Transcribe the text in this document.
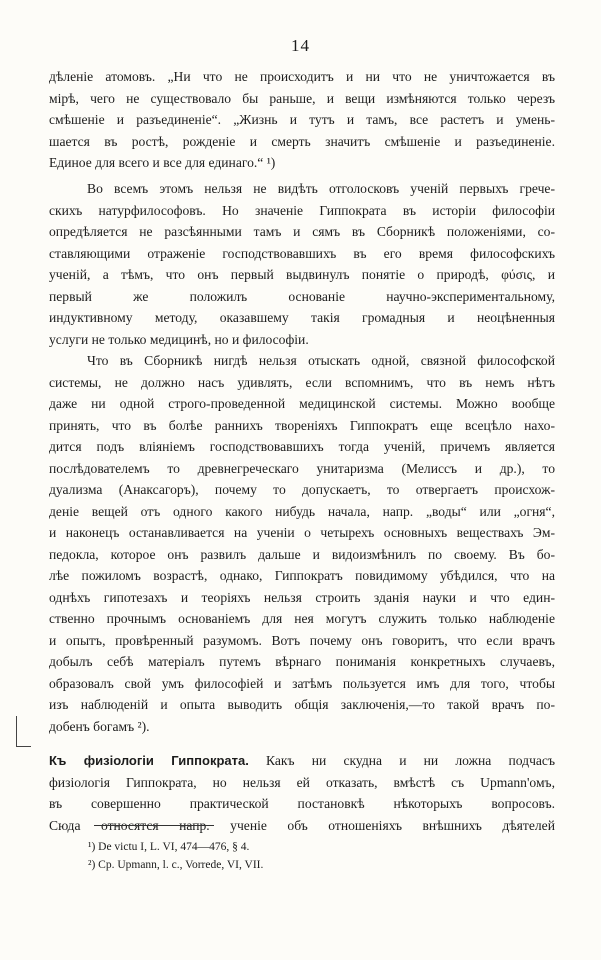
14
дѣленіе атомовъ. „Ни что не происходитъ и ни что не уничтожается въ
мірѣ, чего не существовало бы раньше, и вещи измѣняются только черезъ
смѣшеніе и разъединеніе“. „Жизнь и тутъ и тамъ, все растетъ и умень-
шается въ ростѣ, рожденіе и смерть значитъ смѣшеніе и разъединеніе.
Единое для всего и все для единаго.“ ¹)
Во всемъ этомъ нельзя не видѣть отголосковъ ученій первыхъ грече-
скихъ натурфилософовъ. Но значеніе Гиппократа въ исторіи философіи
опредѣляется не разсѣянными тамъ и сямъ въ Сборникѣ положеніями, со-
ставляющими отраженіе господствовавшихъ въ его время философскихъ
ученій, а тѣмъ, что онъ первый выдвинулъ понятіе о природѣ, φύσις, и
первый же положилъ основаніе научно-экспериментальному,
индуктивному методу, оказавшему такія громадныя и неоцѣненныя
услуги не только медицинѣ, но и философіи.
Что въ Сборникѣ нигдѣ нельзя отыскать одной, связной философской
системы, не должно насъ удивлять, если вспомнимъ, что въ немъ нѣтъ
даже ни одной строго-проведенной медицинской системы. Можно вообще
принять, что въ болѣе раннихъ твореніяхъ Гиппократъ еще всецѣло нахо-
дится подъ вліяніемъ господствовавшихъ тогда ученій, причемъ является
послѣдователемъ то древнегреческаго унитаризма (Мелиссъ и др.), то
дуализма (Анаксагоръ), почему то допускаетъ, то отвергаетъ происхож-
деніе вещей отъ одного какого нибудь начала, напр. „воды“ или „огня“,
и наконецъ останавливается на ученіи о четырехъ основныхъ веществахъ Эм-
педокла, которое онъ развилъ дальше и видоизмѣнилъ по своему. Въ бо-
лѣе пожиломъ возрастѣ, однако, Гиппократъ повидимому убѣдился, что на
однѣхъ гипотезахъ и теоріяхъ нельзя строить зданія науки и что един-
ственно прочнымъ основаніемъ для нея могутъ служить только наблюденіе
и опытъ, провѣренный разумомъ. Вотъ почему онъ говоритъ, что если врачъ
добылъ себѣ матеріалъ путемъ вѣрнаго пониманія конкретныхъ случаевъ,
образовалъ свой умъ философіей и затѣмъ пользуется имъ для того, чтобы
изъ наблюденій и опыта выводить общія заключенія,—то такой врачъ по-
добенъ богамъ ²).
Къ физіологіи Гиппократа. Какъ ни скудна и ни ложна подчасъ
физіологія Гиппократа, но нельзя ей отказать, вмѣстѣ съ Upmann'омъ,
въ совершенно практической постановкѣ нѣкоторыхъ вопросовъ.
Сюда относятся напр. ученіе объ отношеніяхъ внѣшнихъ дѣятелей
¹) De victu I, L. VI, 474—476, § 4.
²) Cp. Upmann, l. c., Vorrede, VI, VII.
